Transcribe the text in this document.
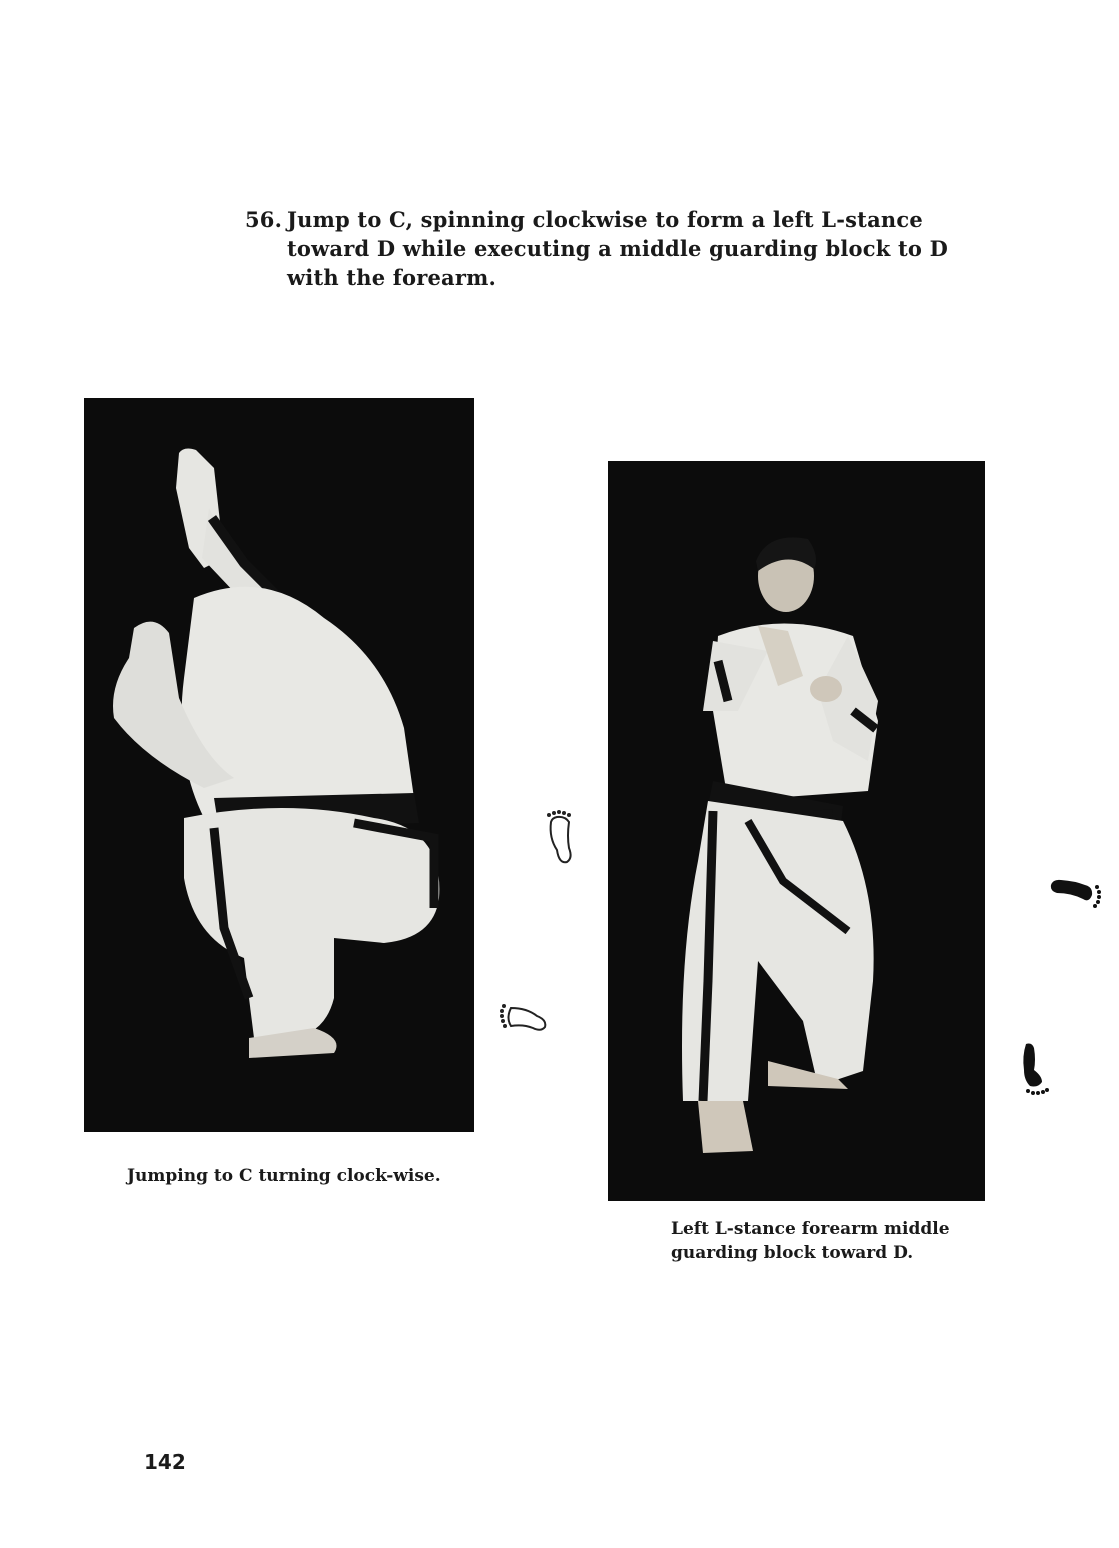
56. Jump to C, spinning clockwise to form a left L-stance
toward D while executing a middle guarding block to D
with the forearm.
Jumping to C turning clock-wise.
Left L-stance forearm middle
guarding block toward D.
142
